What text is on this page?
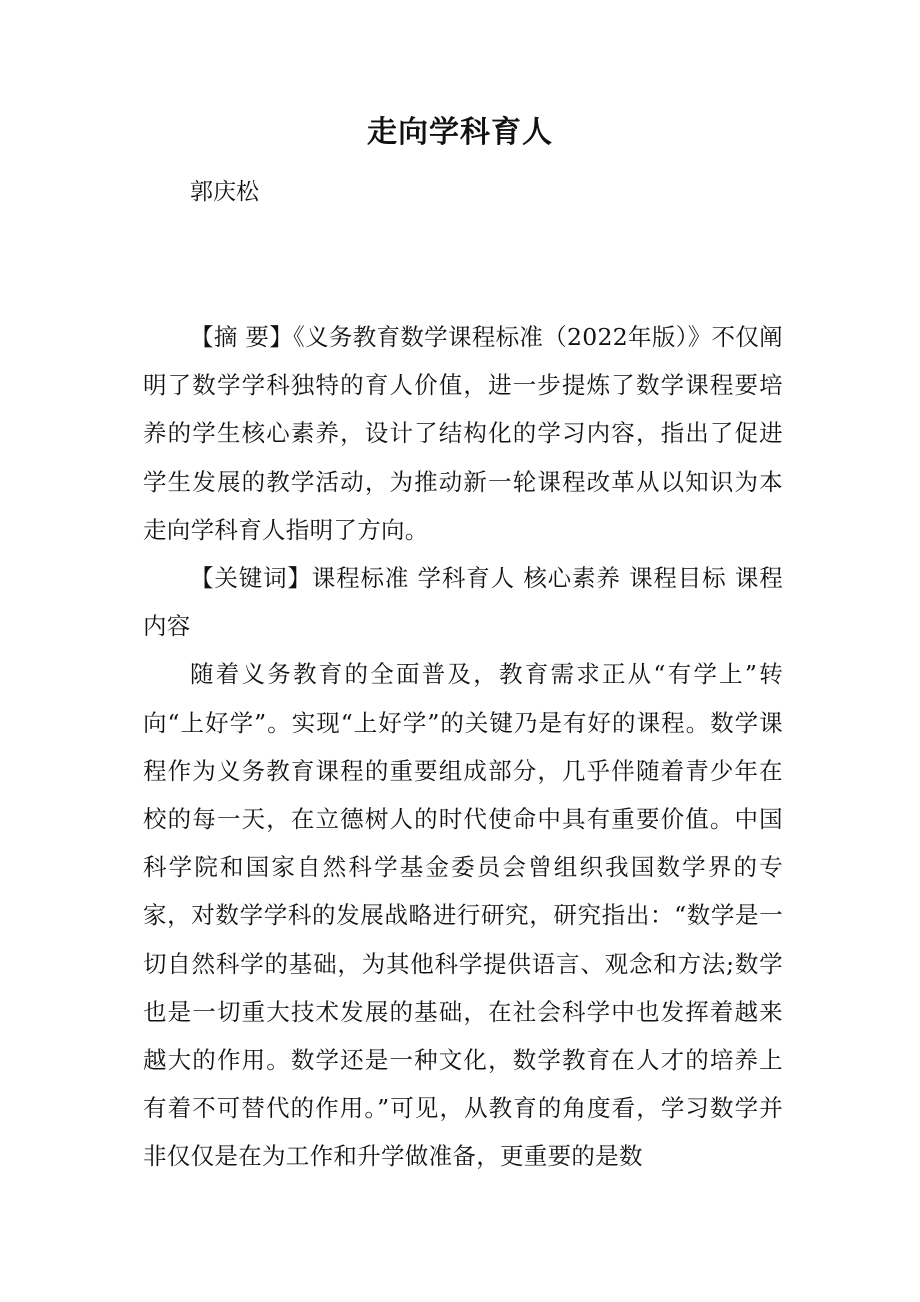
走向学科育人
郭庆松

【摘 要】《义务教育数学课程标准（2022年版）》不仅阐明了数学学科独特的育人价值，进一步提炼了数学课程要培养的学生核心素养，设计了结构化的学习内容，指出了促进学生发展的教学活动，为推动新一轮课程改革从以知识为本走向学科育人指明了方向。

【关键词】课程标准 学科育人 核心素养 课程目标 课程内容

随着义务教育的全面普及，教育需求正从“有学上”转向“上好学”。实现“上好学”的关键乃是有好的课程。数学课程作为义务教育课程的重要组成部分，几乎伴随着青少年在校的每一天，在立德树人的时代使命中具有重要价值。中国科学院和国家自然科学基金委员会曾组织我国数学界的专家，对数学学科的发展战略进行研究，研究指出：“数学是一切自然科学的基础，为其他科学提供语言、观念和方法;数学也是一切重大技术发展的基础，在社会科学中也发挥着越来越大的作用。数学还是一种文化，数学教育在人才的培养上有着不可替代的作用。”可见，从教育的角度看，学习数学并非仅仅是在为工作和升学做准备，更重要的是数
